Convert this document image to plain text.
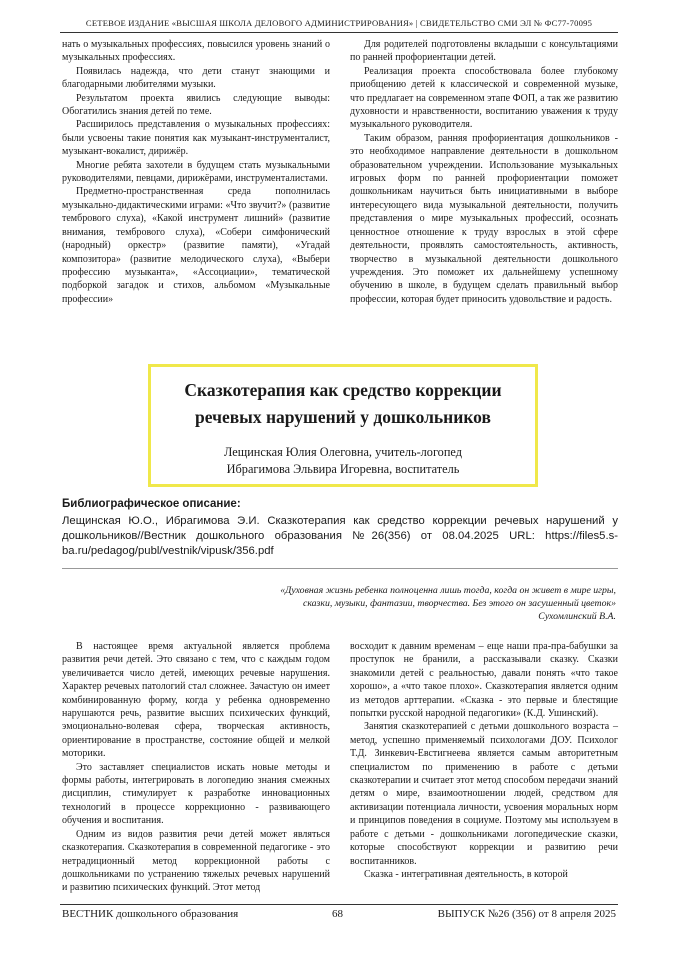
СЕТЕВОЕ ИЗДАНИЕ «ВЫСШАЯ ШКОЛА ДЕЛОВОГО АДМИНИСТРИРОВАНИЯ» | СВИДЕТЕЛЬСТВО СМИ ЭЛ № ФС77-70095

нать о музыкальных профессиях, повысился уровень знаний о музыкальных профессиях.

Появилась надежда, что дети станут знающими и благодарными любителями музыки.

Результатом проекта явились следующие выводы: Обогатились знания детей по теме.

Расширилось представления о музыкальных профессиях: были усвоены такие понятия как музыкант-инструменталист, музыкант-вокалист, дирижёр.

Многие ребята захотели в будущем стать музыкальными руководителями, певцами, дирижёрами, инструменталистами.

Предметно-пространственная среда пополнилась музыкально-дидактическими играми: «Что звучит?» (развитие тембрового слуха), «Какой инструмент лишний» (развитие внимания, тембрового слуха), «Собери симфонический (народный) оркестр» (развитие памяти), «Угадай композитора» (развитие мелодического слуха), «Выбери профессию музыканта», «Ассоциации», тематической подборкой загадок и стихов, альбомом «Музыкальные профессии»

Для родителей подготовлены вкладыши с консультациями по ранней профориентации детей.

Реализация проекта способствовала более глубокому приобщению детей к классической и современной музыке, что предлагает на современном этапе ФОП, а так же развитию духовности и нравственности, воспитанию уважения к труду музыкального руководителя.

Таким образом, ранняя профориентация дошкольников - это необходимое направление деятельности в дошкольном образовательном учреждении. Использование музыкальных игровых форм по ранней профориентации поможет дошкольникам научиться быть инициативными в выборе интересующего вида музыкальной деятельности, получить представления о мире музыкальных профессий, осознать ценностное отношение к труду взрослых в этой сфере деятельности, проявлять самостоятельность, активность, творчество в музыкальной деятельности дошкольного учреждения. Это поможет их дальнейшему успешному обучению в школе, в будущем сделать правильный выбор профессии, которая будет приносить удовольствие и радость.

Сказкотерапия как средство коррекции
речевых нарушений у дошкольников
Лещинская Юлия Олеговна, учитель-логопед
Ибрагимова Эльвира Игоревна, воспитатель
Библиографическое описание:
Лещинская Ю.О., Ибрагимова Э.И. Сказкотерапия как средство коррекции речевых нарушений у дошкольников//Вестник дошкольного образования №26(356) от 08.04.2025 URL: https://files5.s-ba.ru/pedagog/publ/vestnik/vipusk/356.pdf
«Духовная жизнь ребенка полноценна лишь тогда, когда он живет в мире игры,
сказки, музыки, фантазии, творчества. Без этого он засушенный цветок»
Сухомлинский В.А.

В настоящее время актуальной является проблема развития речи детей. Это связано с тем, что с каждым годом увеличивается число детей, имеющих речевые нарушения. Характер речевых патологий стал сложнее. Зачастую он имеет комбинированную форму, когда у ребенка одновременно нарушаются речь, развитие высших психических функций, эмоционально-волевая сфера, творческая активность, ориентирование в пространстве, состояние общей и мелкой моторики.

Это заставляет специалистов искать новые методы и формы работы, интегрировать в логопедию знания смежных дисциплин, стимулирует к разработке инновационных технологий в процессе коррекционно - развивающего обучения и воспитания.

Одним из видов развития речи детей может являться сказкотерапия. Сказкотерапия в современной педагогике - это нетрадиционный метод коррекционной работы с дошкольниками по устранению тяжелых речевых нарушений и развитию психических функций. Этот метод

восходит к давним временам – еще наши пра-пра-бабушки за проступок не бранили, а рассказывали сказку. Сказки знакомили детей с реальностью, давали понять «что такое хорошо», а «что такое плохо». Сказкотерапия является одним из методов арттерапии. «Сказка - это первые и блестящие попытки русской народной педагогики» (К.Д. Ушинский).

Занятия сказкотерапией с детьми дошкольного возраста – метод, успешно применяемый психологами ДОУ. Психолог Т.Д. Зинкевич-Евстигнеева является самым авторитетным специалистом по применению в работе с детьми сказкотерапии и считает этот метод способом передачи знаний детям о мире, взаимоотношении людей, средством для активизации потенциала личности, усвоения моральных норм и принципов поведения в социуме. Поэтому мы используем в работе с детьми - дошкольниками логопедические сказки, которые способствуют коррекции и развитию речи воспитанников.

Сказка - интегративная деятельность, в которой

ВЕСТНИК дошкольного образования	68	ВЫПУСК №26 (356) от 8 апреля 2025
